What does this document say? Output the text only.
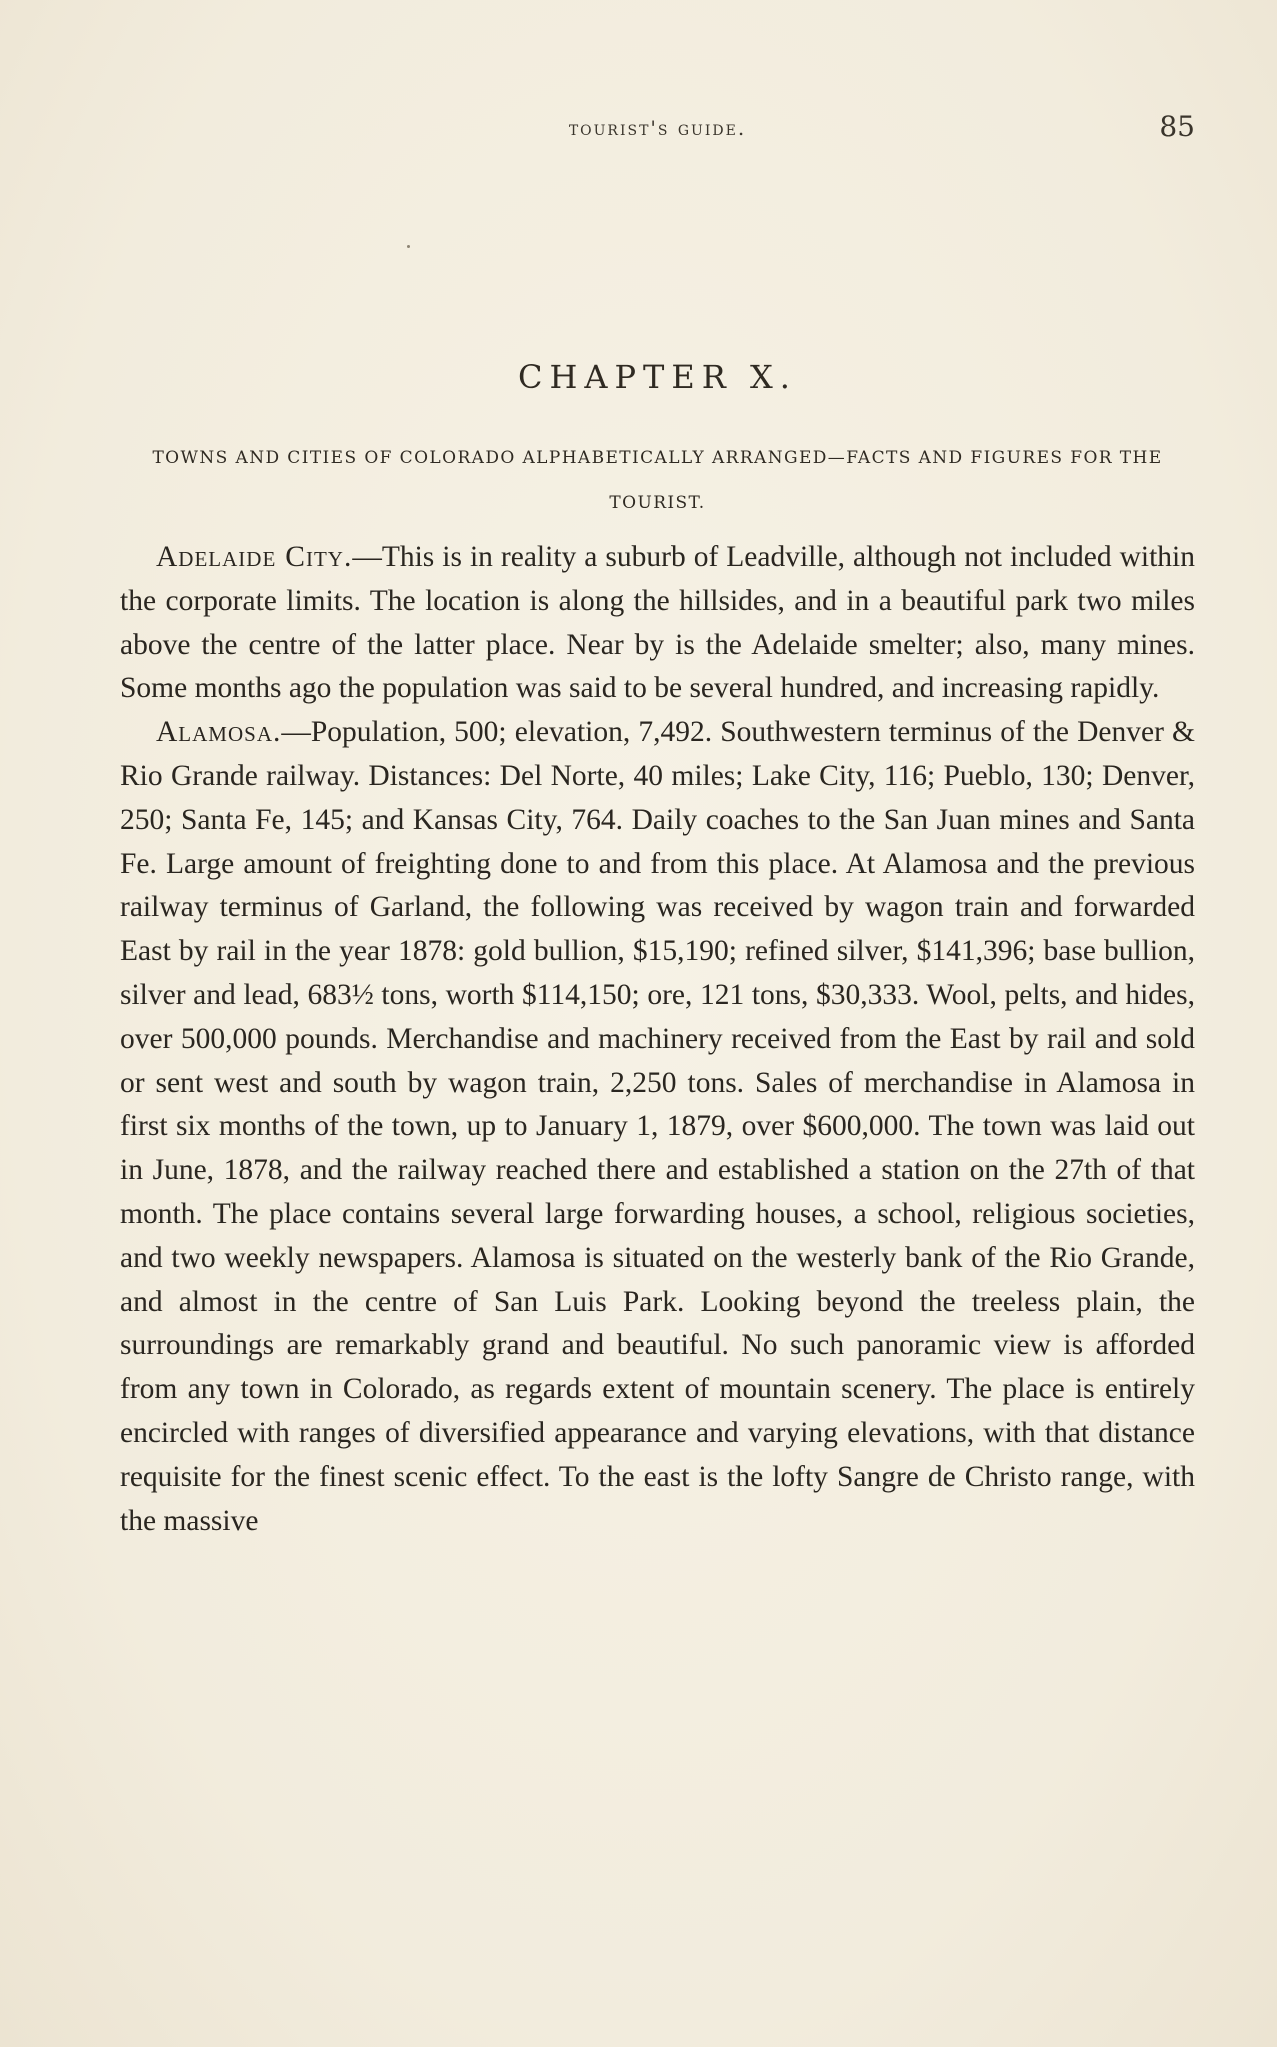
tourist's guide.	85
CHAPTER X.
TOWNS AND CITIES OF COLORADO ALPHABETICALLY ARRANGED—FACTS AND FIGURES FOR THE TOURIST.

Adelaide City.—This is in reality a suburb of Leadville, although not included within the corporate limits. The location is along the hillsides, and in a beautiful park two miles above the centre of the latter place. Near by is the Adelaide smelter; also, many mines. Some months ago the population was said to be several hundred, and increasing rapidly.

Alamosa.—Population, 500; elevation, 7,492. Southwestern terminus of the Denver & Rio Grande railway. Distances: Del Norte, 40 miles; Lake City, 116; Pueblo, 130; Denver, 250; Santa Fe, 145; and Kansas City, 764. Daily coaches to the San Juan mines and Santa Fe. Large amount of freighting done to and from this place. At Alamosa and the previous railway terminus of Garland, the following was received by wagon train and forwarded East by rail in the year 1878: gold bullion, $15,190; refined silver, $141,396; base bullion, silver and lead, 683½ tons, worth $114,150; ore, 121 tons, $30,333. Wool, pelts, and hides, over 500,000 pounds. Merchandise and machinery received from the East by rail and sold or sent west and south by wagon train, 2,250 tons. Sales of merchandise in Alamosa in first six months of the town, up to January 1, 1879, over $600,000. The town was laid out in June, 1878, and the railway reached there and established a station on the 27th of that month. The place contains several large forwarding houses, a school, religious societies, and two weekly newspapers. Alamosa is situated on the westerly bank of the Rio Grande, and almost in the centre of San Luis Park. Looking beyond the treeless plain, the surroundings are remarkably grand and beautiful. No such panoramic view is afforded from any town in Colorado, as regards extent of mountain scenery. The place is entirely encircled with ranges of diversified appearance and varying elevations, with that distance requisite for the finest scenic effect. To the east is the lofty Sangre de Christo range, with the massive
